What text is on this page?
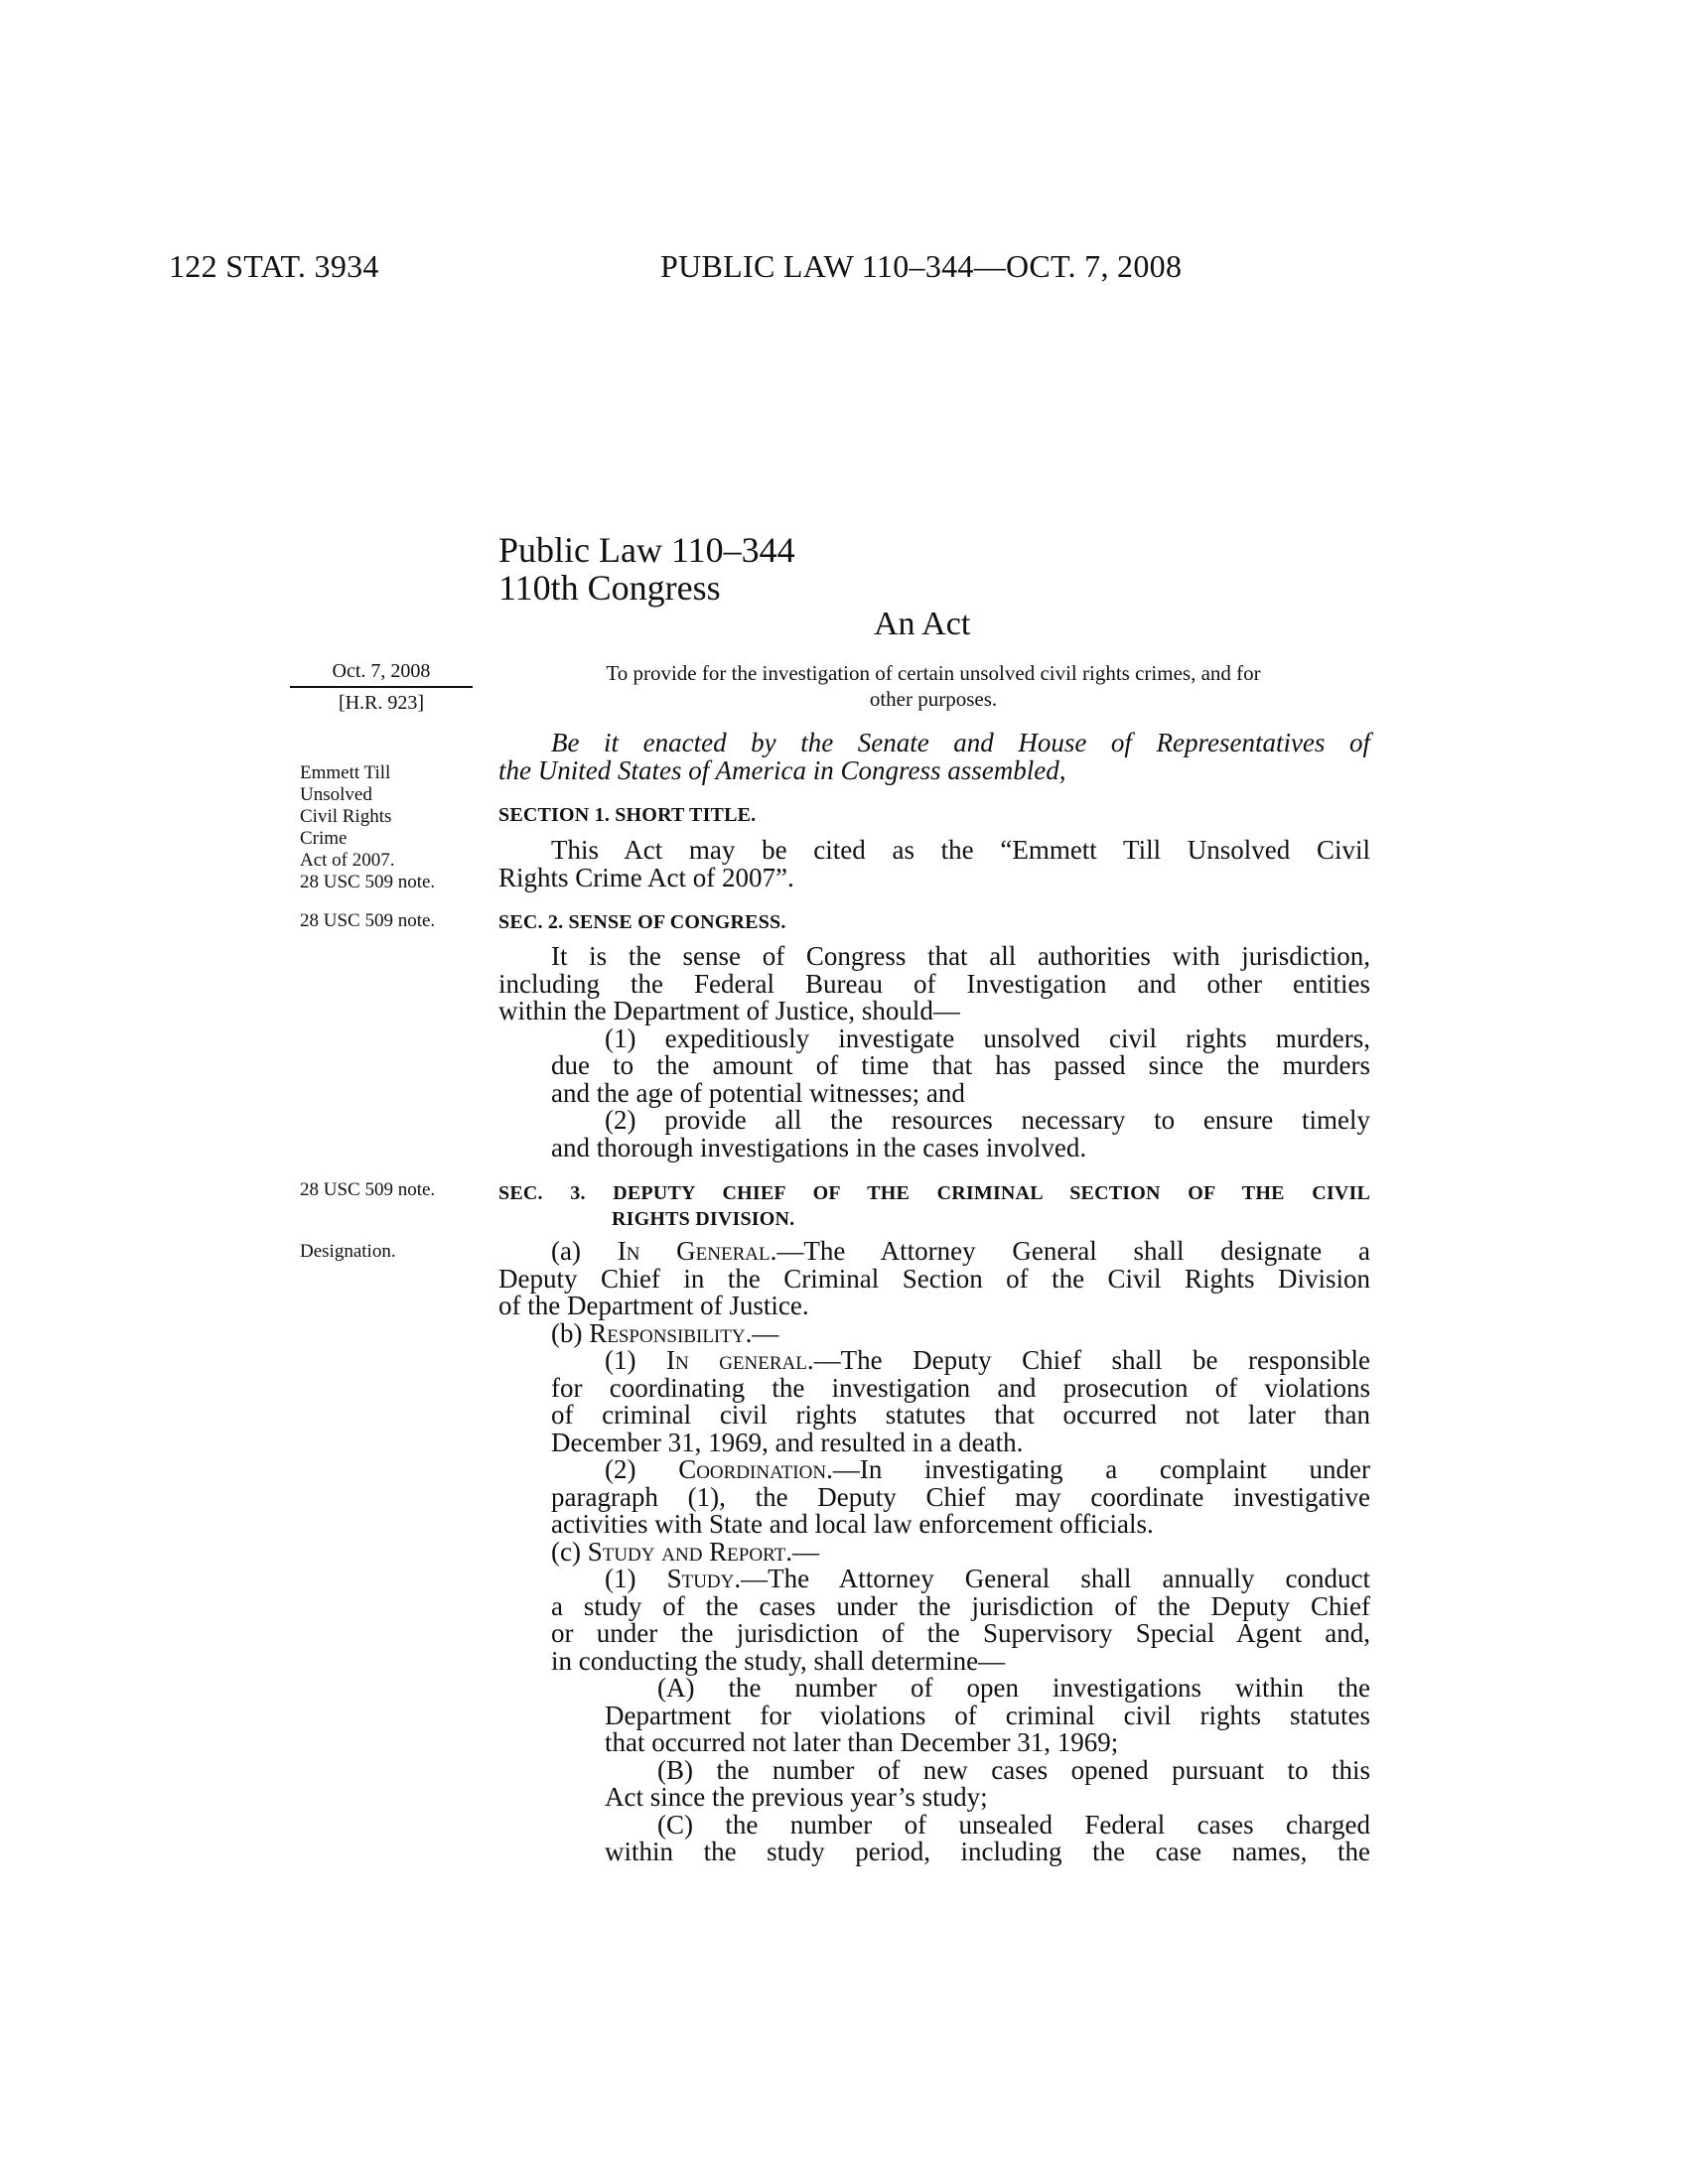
122 STAT. 3934	PUBLIC LAW 110–344—OCT. 7, 2008
Public Law 110–344
110th Congress
An Act
To provide for the investigation of certain unsolved civil rights crimes, and for
other purposes.
Oct. 7, 2008
[H.R. 923]
Emmett Till
Unsolved
Civil Rights
Crime
Act of 2007.
28 USC 509 note.
28 USC 509 note.
28 USC 509 note.
Designation.
Be it enacted by the Senate and House of Representatives of
the United States of America in Congress assembled,
SECTION 1. SHORT TITLE.
This Act may be cited as the “Emmett Till Unsolved Civil
Rights Crime Act of 2007”.
SEC. 2. SENSE OF CONGRESS.
It is the sense of Congress that all authorities with jurisdiction,
including the Federal Bureau of Investigation and other entities
within the Department of Justice, should—
(1) expeditiously investigate unsolved civil rights murders,
due to the amount of time that has passed since the murders
and the age of potential witnesses; and
(2) provide all the resources necessary to ensure timely
and thorough investigations in the cases involved.
SEC. 3. DEPUTY CHIEF OF THE CRIMINAL SECTION OF THE CIVIL
RIGHTS DIVISION.
(a) In General.—The Attorney General shall designate a
Deputy Chief in the Criminal Section of the Civil Rights Division
of the Department of Justice.
(b) Responsibility.—
(1) In general.—The Deputy Chief shall be responsible
for coordinating the investigation and prosecution of violations
of criminal civil rights statutes that occurred not later than
December 31, 1969, and resulted in a death.
(2) Coordination.—In investigating a complaint under
paragraph (1), the Deputy Chief may coordinate investigative
activities with State and local law enforcement officials.
(c) Study and Report.—
(1) Study.—The Attorney General shall annually conduct
a study of the cases under the jurisdiction of the Deputy Chief
or under the jurisdiction of the Supervisory Special Agent and,
in conducting the study, shall determine—
(A) the number of open investigations within the
Department for violations of criminal civil rights statutes
that occurred not later than December 31, 1969;
(B) the number of new cases opened pursuant to this
Act since the previous year’s study;
(C) the number of unsealed Federal cases charged
within the study period, including the case names, the
